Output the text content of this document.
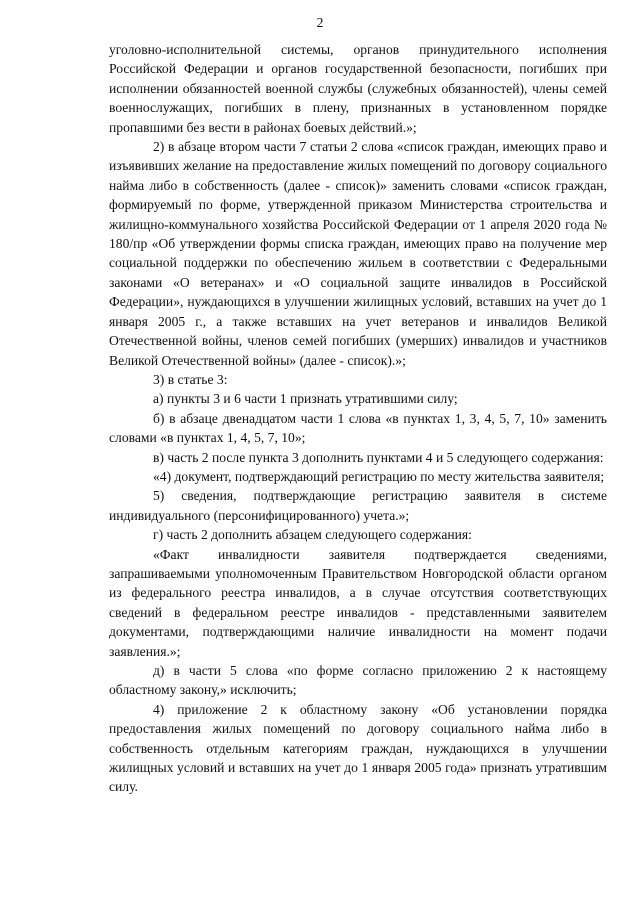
2

уголовно-исполнительной системы, органов принудительного исполнения Российской Федерации и органов государственной безопасности, погибших при исполнении обязанностей военной службы (служебных обязанностей), члены семей военнослужащих, погибших в плену, признанных в установленном порядке пропавшими без вести в районах боевых действий.»;

2) в абзаце втором части 7 статьи 2 слова «список граждан, имеющих право и изъявивших желание на предоставление жилых помещений по договору социального найма либо в собственность (далее - список)» заменить словами «список граждан, формируемый по форме, утвержденной приказом Министерства строительства и жилищно-коммунального хозяйства Российской Федерации от 1 апреля 2020 года № 180/пр «Об утверждении формы списка граждан, имеющих право на получение мер социальной поддержки по обеспечению жильем в соответствии с Федеральными законами «О ветеранах» и «О социальной защите инвалидов в Российской Федерации», нуждающихся в улучшении жилищных условий, вставших на учет до 1 января 2005 г., а также вставших на учет ветеранов и инвалидов Великой Отечественной войны, членов семей погибших (умерших) инвалидов и участников Великой Отечественной войны» (далее - список).»;

3) в статье 3:

а) пункты 3 и 6 части 1 признать утратившими силу;

б) в абзаце двенадцатом части 1 слова «в пунктах 1, 3, 4, 5, 7, 10» заменить словами «в пунктах 1, 4, 5, 7, 10»;

в) часть 2 после пункта 3 дополнить пунктами 4 и 5 следующего содержания:

«4) документ, подтверждающий регистрацию по месту жительства заявителя;

5) сведения, подтверждающие регистрацию заявителя в системе индивидуального (персонифицированного) учета.»;

г) часть 2 дополнить абзацем следующего содержания:

«Факт инвалидности заявителя подтверждается сведениями, запрашиваемыми уполномоченным Правительством Новгородской области органом из федерального реестра инвалидов, а в случае отсутствия соответствующих сведений в федеральном реестре инвалидов - представленными заявителем документами, подтверждающими наличие инвалидности на момент подачи заявления.»;

д) в части 5 слова «по форме согласно приложению 2 к настоящему областному закону,» исключить;

4) приложение 2 к областному закону «Об установлении порядка предоставления жилых помещений по договору социального найма либо в собственность отдельным категориям граждан, нуждающихся в улучшении жилищных условий и вставших на учет до 1 января 2005 года» признать утратившим силу.
